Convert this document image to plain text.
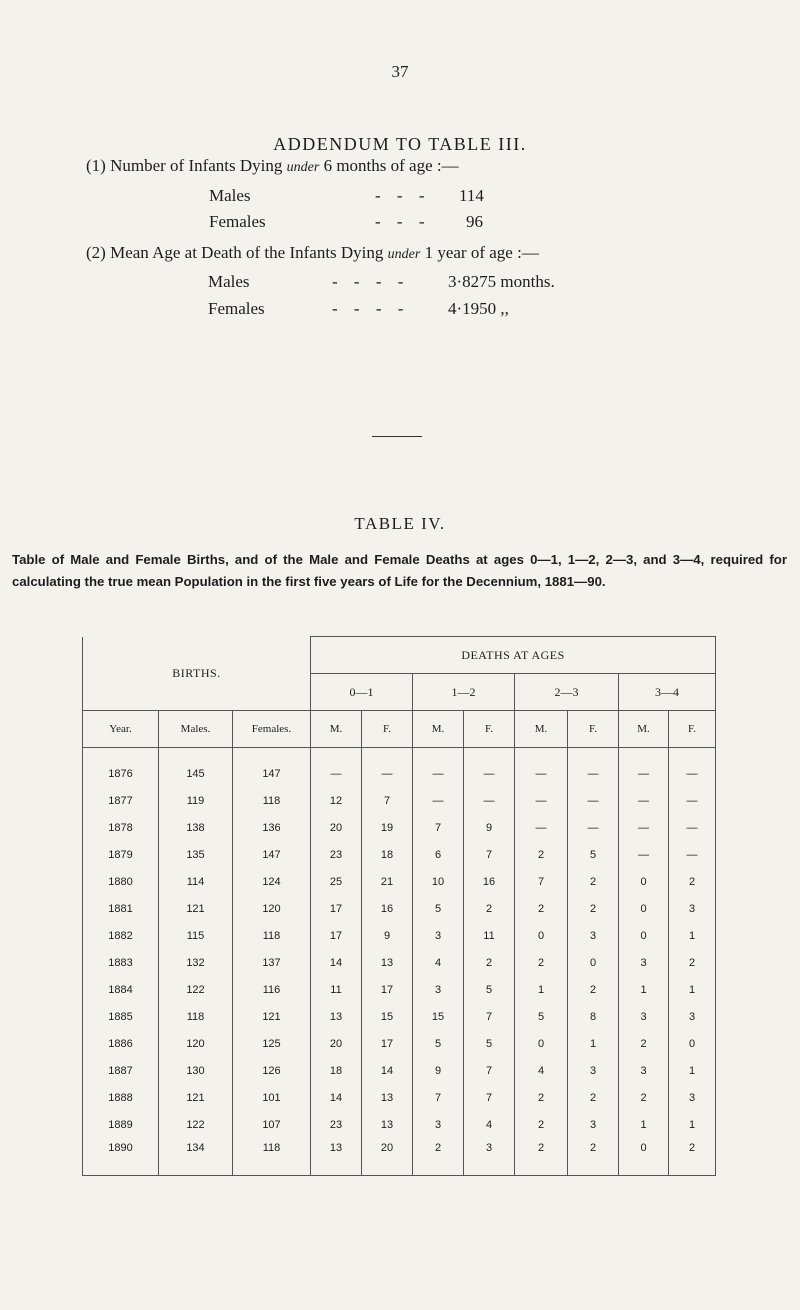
37
ADDENDUM TO TABLE III.
(1) Number of Infants Dying under 6 months of age :—
Males	- - - 114
Females	- - - 96
(2) Mean Age at Death of the Infants Dying under 1 year of age :—
Males	- - - - 3·8275 months.
Females	- - - - 4·1950 ,,
TABLE IV.
Table of Male and Female Births, and of the Male and Female Deaths at ages 0—1, 1—2, 2—3, and 3—4, required for calculating the true mean Population in the first five years of Life for the Decennium, 1881—90.
BIRTHS.			DEATHS AT AGES							
			0—1		1—2		2—3		3—4	
Year.	Males.	Females.	M.	F.	M.	F.	M.	F.	M.	F.
1876	145	147	—	—	—	—	—	—	—	—
1877	119	118	12	7	—	—	—	—	—	—
1878	138	136	20	19	7	9	—	—	—	—
1879	135	147	23	18	6	7	2	5	—	—
1880	114	124	25	21	10	16	7	2	0	2
1881	121	120	17	16	5	2	2	2	0	3
1882	115	118	17	9	3	11	0	3	0	1
1883	132	137	14	13	4	2	2	0	3	2
1884	122	116	11	17	3	5	1	2	1	1
1885	118	121	13	15	15	7	5	8	3	3
1886	120	125	20	17	5	5	0	1	2	0
1887	130	126	18	14	9	7	4	3	3	1
1888	121	101	14	13	7	7	2	2	2	3
1889	122	107	23	13	3	4	2	3	1	1
1890	134	118	13	20	2	3	2	2	0	2
